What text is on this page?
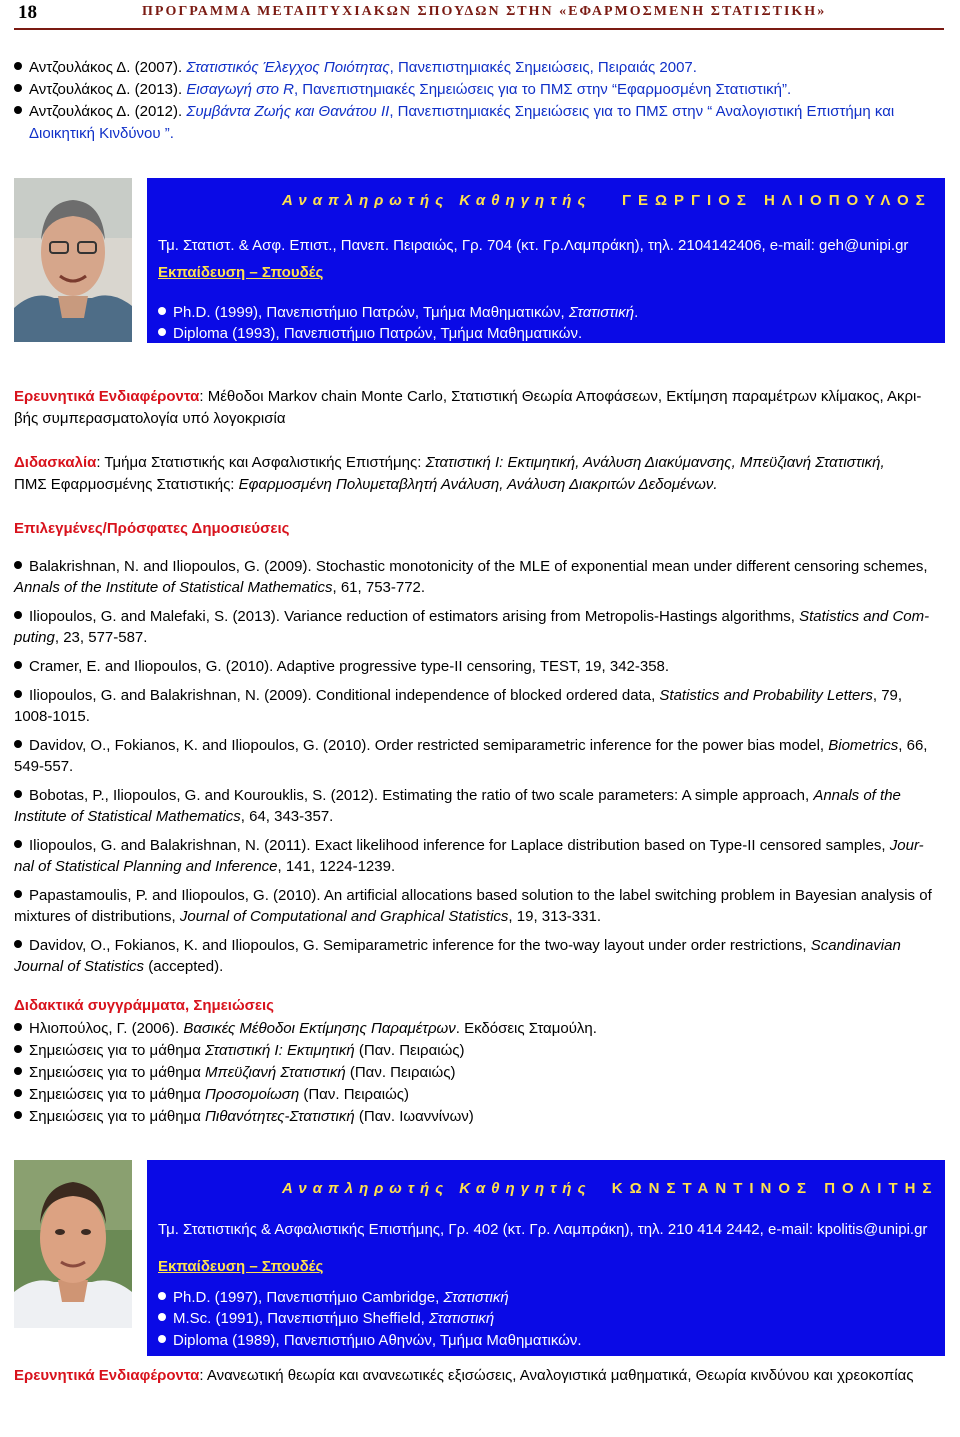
18	ΠΡΟΓΡΑΜΜΑ ΜΕΤΑΠΤΥΧΙΑΚΩΝ ΣΠΟΥΔΩΝ ΣΤΗΝ «ΕΦΑΡΜΟΣΜΕΝΗ ΣΤΑΤΙΣΤΙΚΗ»
Αντζουλάκος Δ. (2007). Στατιστικός Έλεγχος Ποιότητας, Πανεπιστημιακές Σημειώσεις, Πειραιάς 2007.
Αντζουλάκος Δ. (2013). Εισαγωγή στο R, Πανεπιστημιακές Σημειώσεις για το ΠΜΣ στην “Εφαρμοσμένη Στατιστική”.
Αντζουλάκος Δ. (2012). Συμβάντα Ζωής και Θανάτου ΙΙ, Πανεπιστημιακές Σημειώσεις για το ΠΜΣ στην “ Αναλογιστική Επιστήμη και
Διοικητική Κινδύνου ”.
Αναπληρωτής Καθηγητής ΓΕΩΡΓΙΟΣ ΗΛΙΟΠΟΥΛΟΣ
Τμ. Στατιστ. & Ασφ. Επιστ., Πανεπ. Πειραιώς, Γρ. 704 (κτ. Γρ.Λαμπράκη), τηλ. 2104142406, e-mail: geh@unipi.gr
Εκπαίδευση – Σπουδές
Ph.D. (1999), Πανεπιστήμιο Πατρών, Τμήμα Μαθηματικών, Στατιστική.
Diploma (1993), Πανεπιστήμιο Πατρών, Τμήμα Μαθηματικών.
Ερευνητικά Ενδιαφέροντα: Μέθοδοι Markov chain Monte Carlo, Στατιστική Θεωρία Αποφάσεων, Εκτίμηση παραμέτρων κλίμακος, Ακρι-
βής συμπερασματολογία υπό λογοκρισία
Διδασκαλία: Τμήμα Στατιστικής και Ασφαλιστικής Επιστήμης: Στατιστική Ι: Εκτιμητική, Ανάλυση Διακύμανσης, Μπεϋζιανή Στατιστική,
ΠΜΣ Εφαρμοσμένης Στατιστικής: Εφαρμοσμένη Πολυμεταβλητή Ανάλυση, Ανάλυση Διακριτών Δεδομένων.
Επιλεγμένες/Πρόσφατες Δημοσιεύσεις
Balakrishnan, N. and Iliopoulos, G. (2009). Stochastic monotonicity of the MLE of exponential mean under different censoring schemes,
Annals of the Institute of Statistical Mathematics, 61, 753-772.
Iliopoulos, G. and Malefaki, S. (2013). Variance reduction of estimators arising from Metropolis-Hastings algorithms, Statistics and Com-
puting, 23, 577-587.
Cramer, E. and Iliopoulos, G. (2010). Adaptive progressive type-II censoring, TEST, 19, 342-358.
Iliopoulos, G. and Balakrishnan, N. (2009). Conditional independence of blocked ordered data, Statistics and Probability Letters, 79,
1008-1015.
Davidov, O., Fokianos, K. and Iliopoulos, G. (2010). Order restricted semiparametric inference for the power bias model, Biometrics, 66,
549-557.
Bobotas, P., Iliopoulos, G. and Kourouklis, S. (2012). Estimating the ratio of two scale parameters: A simple approach, Annals of the
Institute of Statistical Mathematics, 64, 343-357.
Iliopoulos, G. and Balakrishnan, N. (2011). Exact likelihood inference for Laplace distribution based on Type-II censored samples, Jour-
nal of Statistical Planning and Inference, 141, 1224-1239.
Papastamoulis, P. and Iliopoulos, G. (2010). An artificial allocations based solution to the label switching problem in Bayesian analysis of
mixtures of distributions, Journal of Computational and Graphical Statistics, 19, 313-331.
Davidov, O., Fokianos, K. and Iliopoulos, G. Semiparametric inference for the two-way layout under order restrictions, Scandinavian
Journal of Statistics (accepted).
Διδακτικά συγγράμματα, Σημειώσεις
Ηλιοπούλος, Γ. (2006). Βασικές Μέθοδοι Εκτίμησης Παραμέτρων. Εκδόσεις Σταμούλη.
Σημειώσεις για το μάθημα Στατιστική Ι: Εκτιμητική (Παν. Πειραιώς)
Σημειώσεις για το μάθημα Μπεϋζιανή Στατιστική (Παν. Πειραιώς)
Σημειώσεις για το μάθημα Προσομοίωση (Παν. Πειραιώς)
Σημειώσεις για το μάθημα Πιθανότητες-Στατιστική (Παν. Ιωαννίνων)
Αναπληρωτής Καθηγητής ΚΩΝΣΤΑΝΤΙΝΟΣ ΠΟΛΙΤΗΣ
Τμ. Στατιστικής & Ασφαλιστικής Επιστήμης, Γρ. 402 (κτ. Γρ. Λαμπράκη), τηλ. 210 414 2442, e-mail: kpolitis@unipi.gr
Εκπαίδευση – Σπουδές
Ph.D. (1997), Πανεπιστήμιο Cambridge, Στατιστική
M.Sc. (1991), Πανεπιστήμιο Sheffield, Στατιστική
Diploma (1989), Πανεπιστήμιο Αθηνών, Τμήμα Μαθηματικών.
Ερευνητικά Ενδιαφέροντα: Ανανεωτική θεωρία και ανανεωτικές εξισώσεις, Αναλογιστικά μαθηματικά, Θεωρία κινδύνου και χρεοκοπίας
